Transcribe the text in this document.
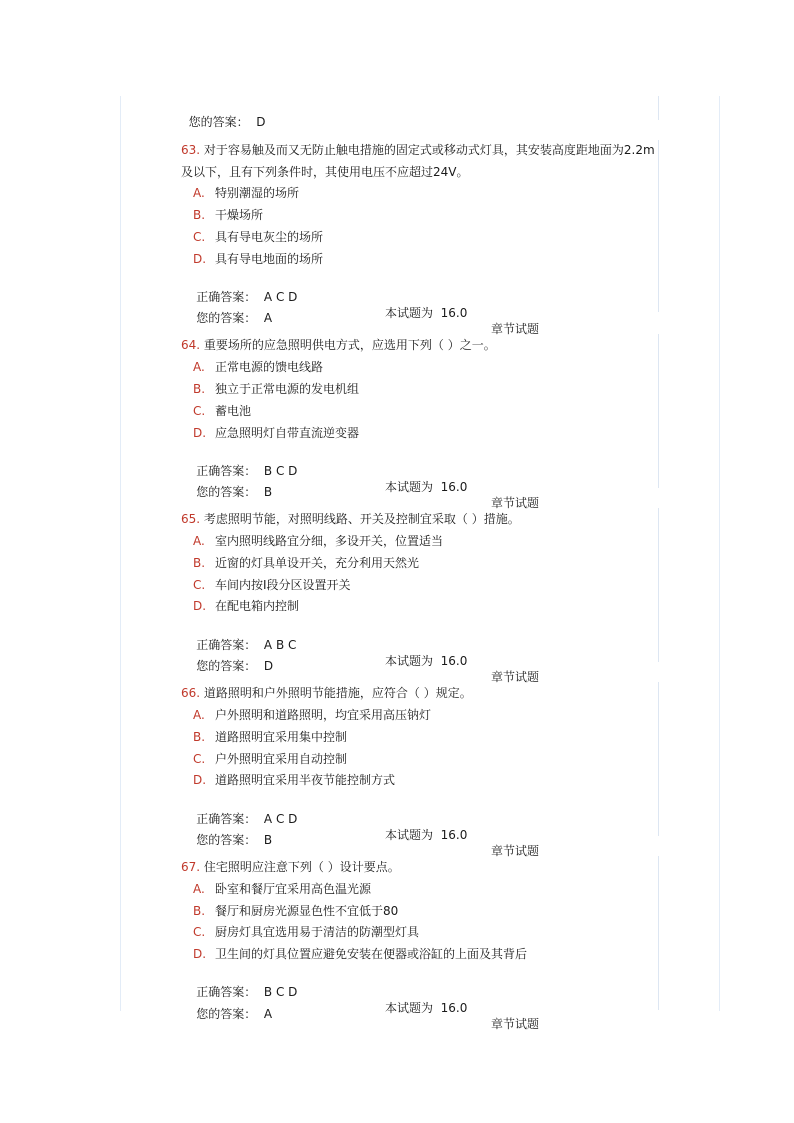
您的答案： D

63. 对于容易触及而又无防止触电措施的固定式或移动式灯具，其安装高度距地面为2.2m及以下，且有下列条件时，其使用电压不应超过24V。
A. 特别潮湿的场所
B. 干燥场所
C. 具有导电灰尘的场所
D. 具有导电地面的场所

正确答案： A C D

本试题为 16.0

章节试题

您的答案： A

64. 重要场所的应急照明供电方式，应选用下列（ ）之一。
A. 正常电源的馈电线路
B. 独立于正常电源的发电机组
C. 蓄电池
D. 应急照明灯自带直流逆变器

正确答案： B C D

本试题为 16.0

章节试题

您的答案： B

65. 考虑照明节能，对照明线路、开关及控制宜采取（ ）措施。
A. 室内照明线路宜分细，多设开关，位置适当
B. 近窗的灯具单设开关，充分利用天然光
C. 车间内按Ⅰ段分区设置开关
D. 在配电箱内控制

正确答案： A B C

本试题为 16.0

章节试题

您的答案： D

66. 道路照明和户外照明节能措施，应符合（ ）规定。
A. 户外照明和道路照明，均宜采用高压钠灯
B. 道路照明宜采用集中控制
C. 户外照明宜采用自动控制
D. 道路照明宜采用半夜节能控制方式

正确答案： A C D

本试题为 16.0

章节试题

您的答案： B

67. 住宅照明应注意下列（ ）设计要点。
A. 卧室和餐厅宜采用高色温光源
B. 餐厅和厨房光源显色性不宜低于80
C. 厨房灯具宜选用易于清洁的防潮型灯具
D. 卫生间的灯具位置应避免安装在便器或浴缸的上面及其背后

正确答案： B C D

本试题为 16.0

章节试题

您的答案： A
